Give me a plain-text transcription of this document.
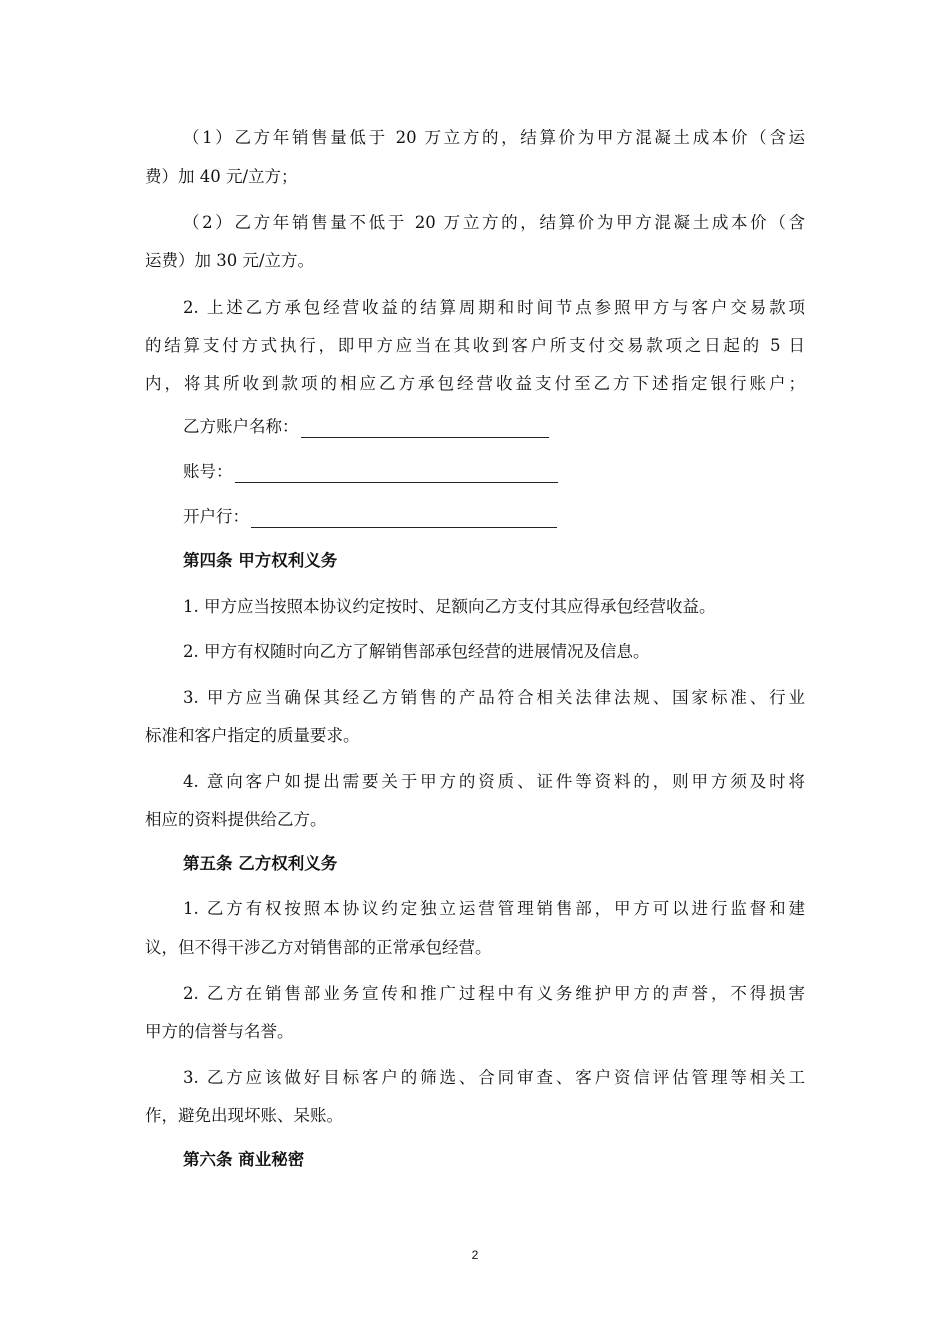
（1）乙方年销售量低于 20 万立方的，结算价为甲方混凝土成本价（含运
费）加 40 元/立方；
（2）乙方年销售量不低于 20 万立方的，结算价为甲方混凝土成本价（含
运费）加 30 元/立方。
2. 上述乙方承包经营收益的结算周期和时间节点参照甲方与客户交易款项
的结算支付方式执行，即甲方应当在其收到客户所支付交易款项之日起的 5 日
内，将其所收到款项的相应乙方承包经营收益支付至乙方下述指定银行账户；
乙方账户名称：
账号：
开户行：
第四条 甲方权利义务
1. 甲方应当按照本协议约定按时、足额向乙方支付其应得承包经营收益。
2. 甲方有权随时向乙方了解销售部承包经营的进展情况及信息。
3. 甲方应当确保其经乙方销售的产品符合相关法律法规、国家标准、行业
标准和客户指定的质量要求。
4. 意向客户如提出需要关于甲方的资质、证件等资料的，则甲方须及时将
相应的资料提供给乙方。
第五条 乙方权利义务
1. 乙方有权按照本协议约定独立运营管理销售部，甲方可以进行监督和建
议，但不得干涉乙方对销售部的正常承包经营。
2. 乙方在销售部业务宣传和推广过程中有义务维护甲方的声誉，不得损害
甲方的信誉与名誉。
3. 乙方应该做好目标客户的筛选、合同审查、客户资信评估管理等相关工
作，避免出现坏账、呆账。
第六条 商业秘密
2
